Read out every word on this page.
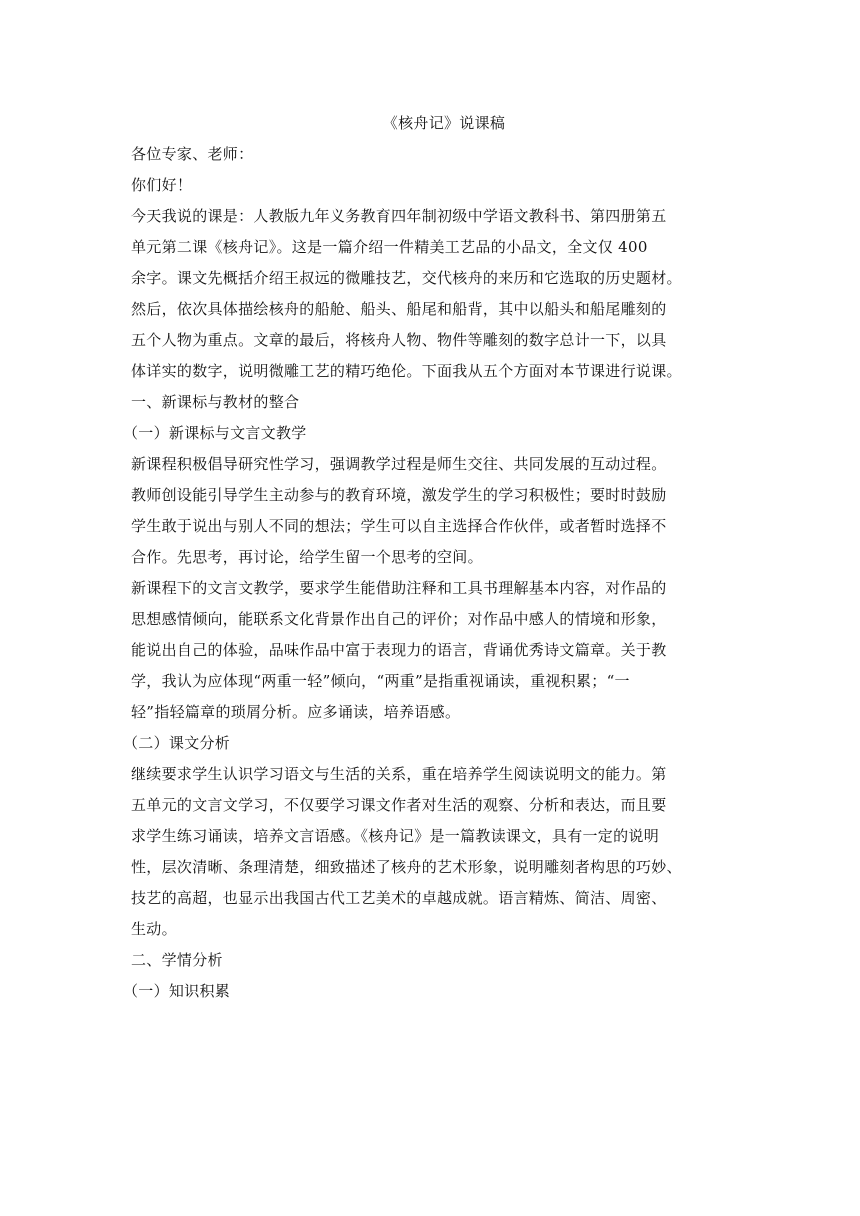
《核舟记》说课稿

各位专家、老师：

你们好！

今天我说的课是：人教版九年义务教育四年制初级中学语文教科书、第四册第五

单元第二课《核舟记》。这是一篇介绍一件精美工艺品的小品文，全文仅 400

余字。课文先概括介绍王叔远的微雕技艺，交代核舟的来历和它选取的历史题材。

然后，依次具体描绘核舟的船舱、船头、船尾和船背，其中以船头和船尾雕刻的

五个人物为重点。文章的最后，将核舟人物、物件等雕刻的数字总计一下，以具

体详实的数字，说明微雕工艺的精巧绝伦。下面我从五个方面对本节课进行说课。

一、新课标与教材的整合

（一）新课标与文言文教学

新课程积极倡导研究性学习，强调教学过程是师生交往、共同发展的互动过程。

教师创设能引导学生主动参与的教育环境，激发学生的学习积极性；要时时鼓励

学生敢于说出与别人不同的想法；学生可以自主选择合作伙伴，或者暂时选择不

合作。先思考，再讨论，给学生留一个思考的空间。

新课程下的文言文教学，要求学生能借助注释和工具书理解基本内容，对作品的

思想感情倾向，能联系文化背景作出自己的评价；对作品中感人的情境和形象，

能说出自己的体验，品味作品中富于表现力的语言，背诵优秀诗文篇章。关于教

学，我认为应体现“两重一轻”倾向，“两重”是指重视诵读，重视积累；“一

轻”指轻篇章的琐屑分析。应多诵读，培养语感。

（二）课文分析

继续要求学生认识学习语文与生活的关系，重在培养学生阅读说明文的能力。第

五单元的文言文学习，不仅要学习课文作者对生活的观察、分析和表达，而且要

求学生练习诵读，培养文言语感。《核舟记》是一篇教读课文，具有一定的说明

性，层次清晰、条理清楚，细致描述了核舟的艺术形象，说明雕刻者构思的巧妙、

技艺的高超，也显示出我国古代工艺美术的卓越成就。语言精炼、简洁、周密、

生动。

二、学情分析

（一）知识积累
